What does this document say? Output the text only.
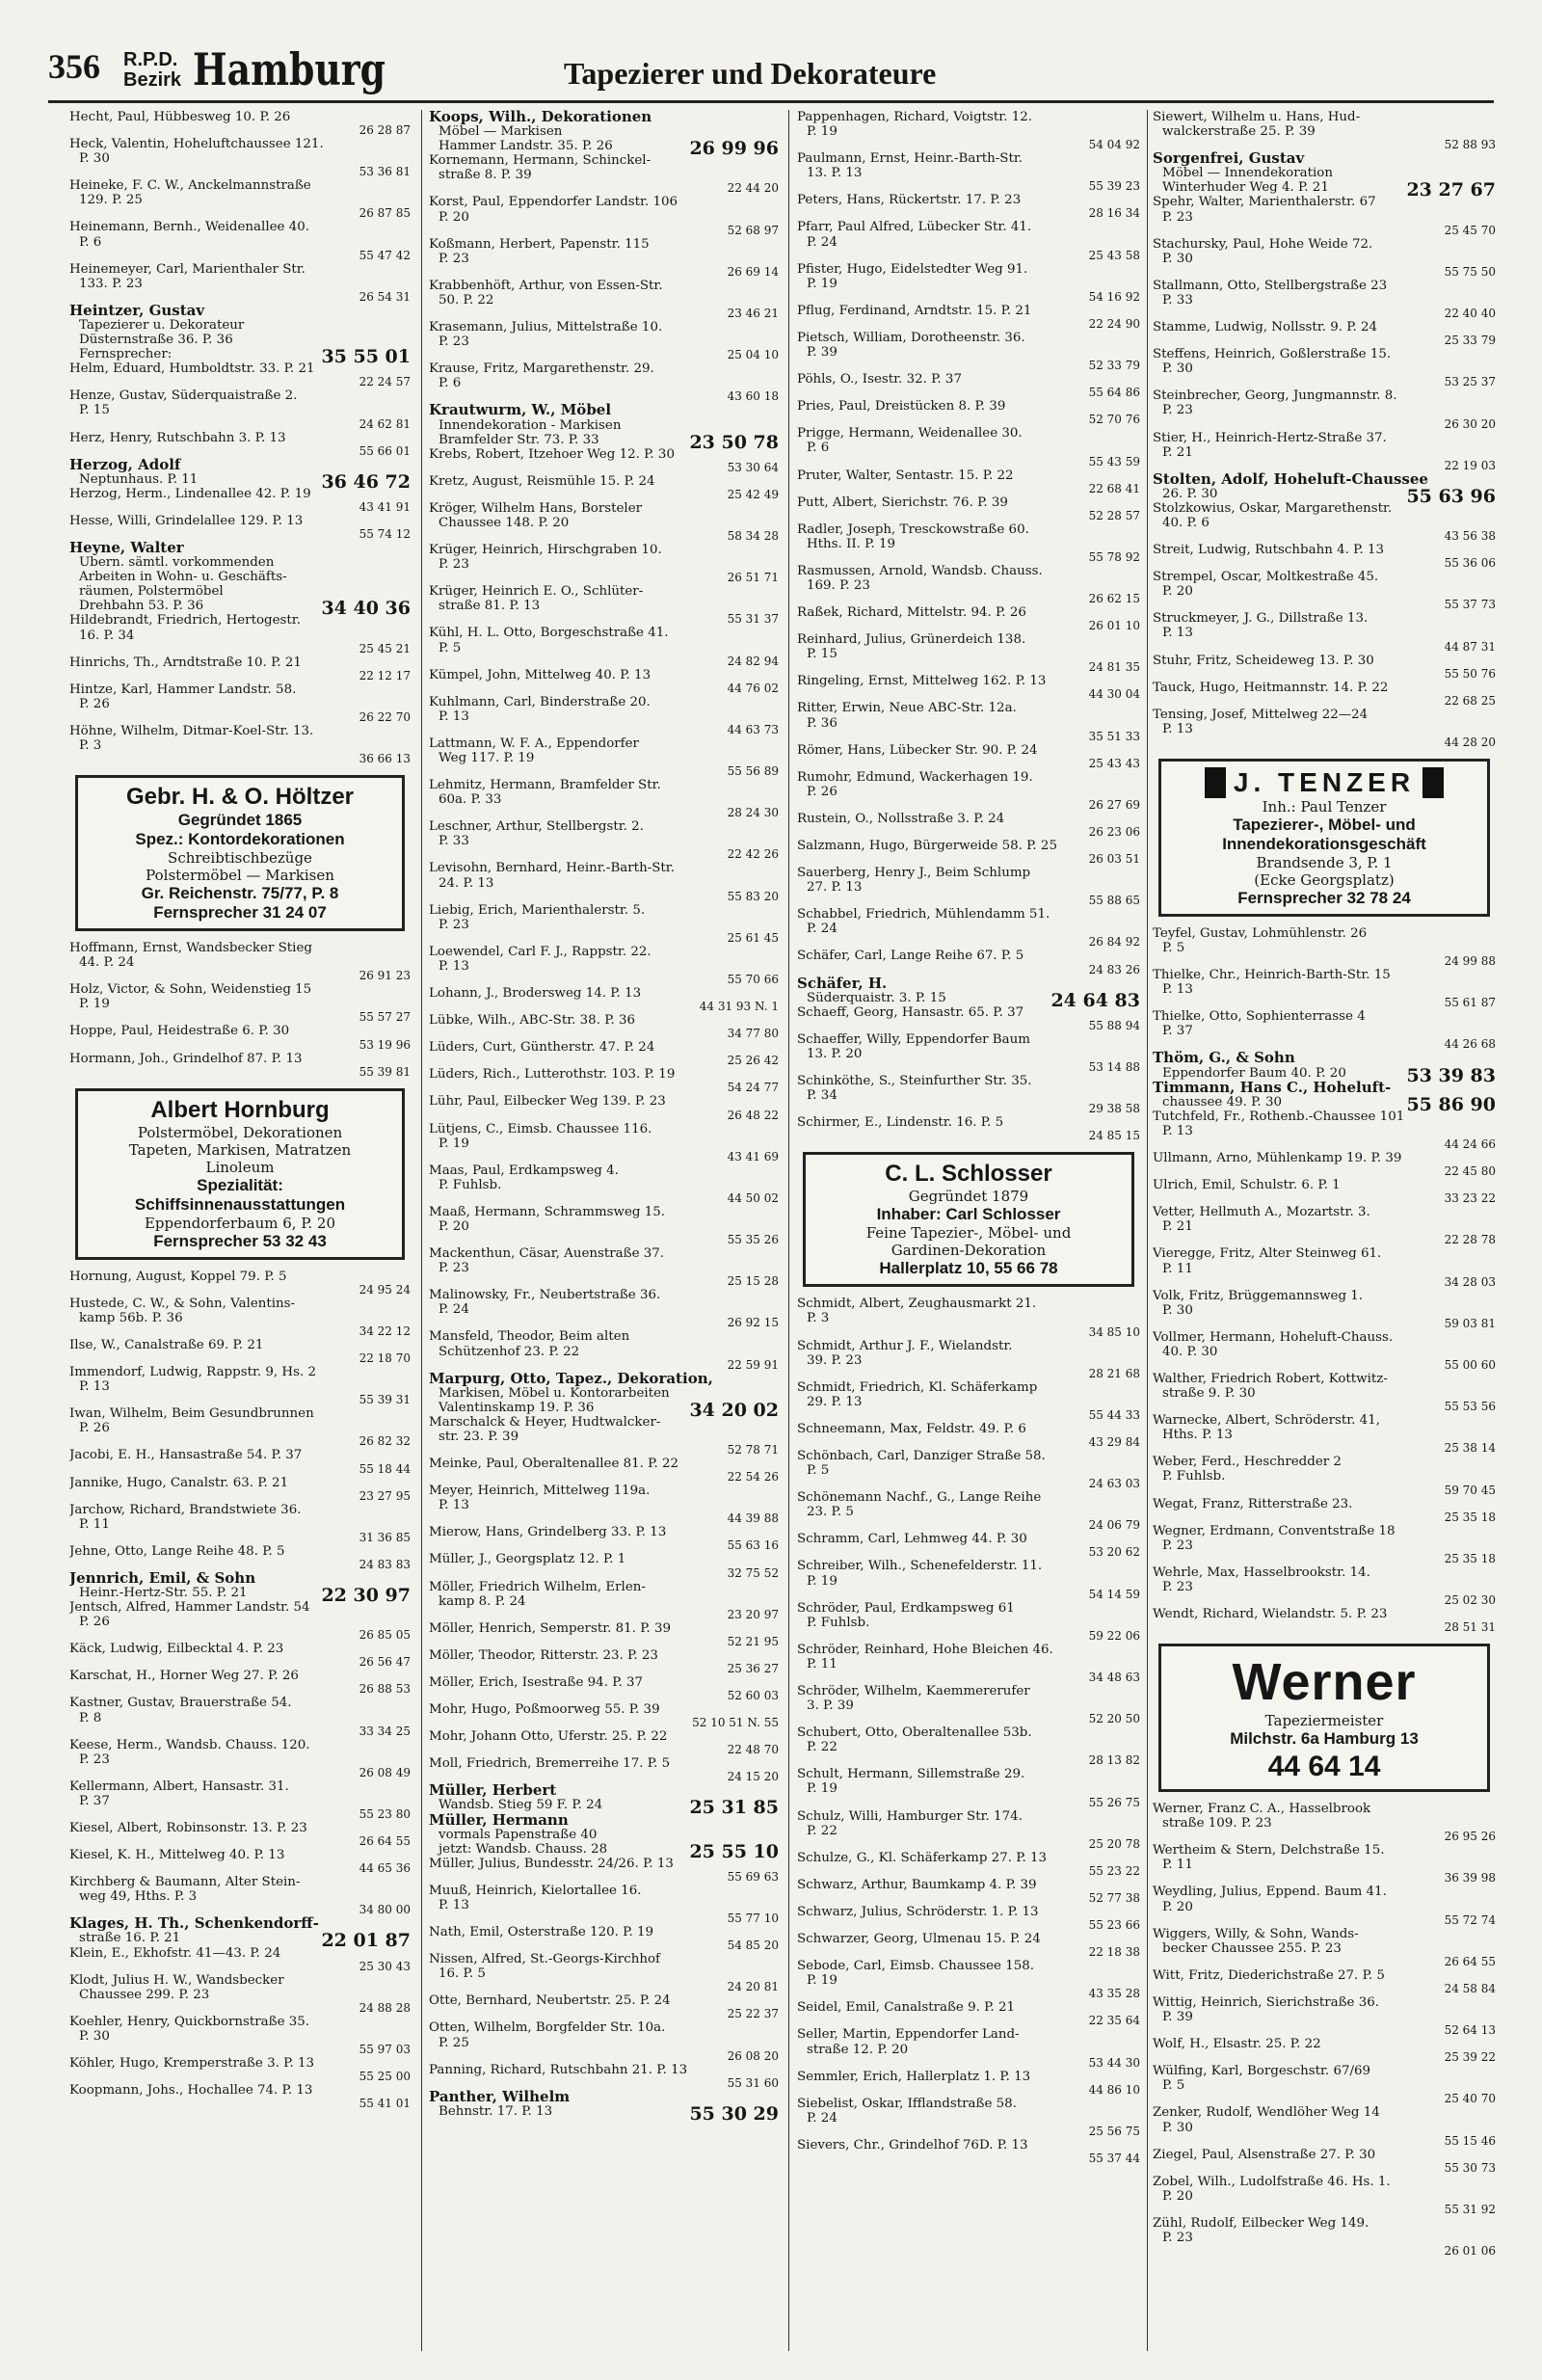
356 R.P.D.
Bezirk Hamburg	Tapezierer und Dekorateure
Hecht, Paul, Hübbesweg 10. P. 26
26 28 87
Heck, Valentin, Hoheluftchaussee 121.
P. 30
53 36 81
Heineke, F. C. W., Anckelmannstraße
129. P. 25
26 87 85
Heinemann, Bernh., Weidenallee 40.
P. 6
55 47 42
Heinemeyer, Carl, Marienthaler Str.
133. P. 23
26 54 31
Heintzer, Gustav
Tapezierer u. Dekorateur
Düsternstraße 36. P. 36
35 55 01
Fernsprecher:
Helm, Eduard, Humboldtstr. 33. P. 21
22 24 57
Henze, Gustav, Süderquaistraße 2.
P. 15
24 62 81
Herz, Henry, Rutschbahn 3. P. 13
55 66 01
Herzog, Adolf
36 46 72
Neptunhaus. P. 11
Herzog, Herm., Lindenallee 42. P. 19
43 41 91
Hesse, Willi, Grindelallee 129. P. 13
55 74 12
Heyne, Walter
Ubern. sämtl. vorkommenden
Arbeiten in Wohn- u. Geschäfts-
räumen, Polstermöbel
34 40 36
Drehbahn 53. P. 36
Hildebrandt, Friedrich, Hertogestr.
16. P. 34
25 45 21
Hinrichs, Th., Arndtstraße 10. P. 21
22 12 17
Hintze, Karl, Hammer Landstr. 58.
P. 26
26 22 70
Höhne, Wilhelm, Ditmar-Koel-Str. 13.
P. 3
36 66 13

Gebr. H. & O. Höltzer

Gegründet 1865

Spez.: Kontordekorationen

Schreibtischbezüge

Polstermöbel — Markisen

Gr. Reichenstr. 75/77, P. 8

Fernsprecher 31 24 07

Hoffmann, Ernst, Wandsbecker Stieg
44. P. 24
26 91 23
Holz, Victor, & Sohn, Weidenstieg 15
P. 19
55 57 27
Hoppe, Paul, Heidestraße 6. P. 30
53 19 96
Hormann, Joh., Grindelhof 87. P. 13
55 39 81

Albert Hornburg

Polstermöbel, Dekorationen

Tapeten, Markisen, Matratzen

Linoleum

Spezialität:

Schiffsinnenausstattungen

Eppendorferbaum 6, P. 20

Fernsprecher 53 32 43

Hornung, August, Koppel 79. P. 5
24 95 24
Hustede, C. W., & Sohn, Valentins-
kamp 56b. P. 36
34 22 12
Ilse, W., Canalstraße 69. P. 21
22 18 70
Immendorf, Ludwig, Rappstr. 9, Hs. 2
P. 13
55 39 31
Iwan, Wilhelm, Beim Gesundbrunnen
P. 26
26 82 32
Jacobi, E. H., Hansastraße 54. P. 37
55 18 44
Jannike, Hugo, Canalstr. 63. P. 21
23 27 95
Jarchow, Richard, Brandstwiete 36.
P. 11
31 36 85
Jehne, Otto, Lange Reihe 48. P. 5
24 83 83
Jennrich, Emil, & Sohn
22 30 97
Heinr.-Hertz-Str. 55. P. 21
Jentsch, Alfred, Hammer Landstr. 54
P. 26
26 85 05
Käck, Ludwig, Eilbecktal 4. P. 23
26 56 47
Karschat, H., Horner Weg 27. P. 26
26 88 53
Kastner, Gustav, Brauerstraße 54.
P. 8
33 34 25
Keese, Herm., Wandsb. Chauss. 120.
P. 23
26 08 49
Kellermann, Albert, Hansastr. 31.
P. 37
55 23 80
Kiesel, Albert, Robinsonstr. 13. P. 23
26 64 55
Kiesel, K. H., Mittelweg 40. P. 13
44 65 36
Kirchberg & Baumann, Alter Stein-
weg 49, Hths. P. 3
34 80 00
Klages, H. Th., Schenkendorff-
22 01 87
straße 16. P. 21
Klein, E., Ekhofstr. 41—43. P. 24
25 30 43
Klodt, Julius H. W., Wandsbecker
Chaussee 299. P. 23
24 88 28
Koehler, Henry, Quickbornstraße 35.
P. 30
55 97 03
Köhler, Hugo, Kremperstraße 3. P. 13
55 25 00
Koopmann, Johs., Hochallee 74. P. 13
55 41 01
Koops, Wilh., Dekorationen
Möbel — Markisen
26 99 96
Hammer Landstr. 35. P. 26
Kornemann, Hermann, Schinckel-
straße 8. P. 39
22 44 20
Korst, Paul, Eppendorfer Landstr. 106
P. 20
52 68 97
Koßmann, Herbert, Papenstr. 115
P. 23
26 69 14
Krabbenhöft, Arthur, von Essen-Str.
50. P. 22
23 46 21
Krasemann, Julius, Mittelstraße 10.
P. 23
25 04 10
Krause, Fritz, Margarethenstr. 29.
P. 6
43 60 18
Krautwurm, W., Möbel
Innendekoration - Markisen
23 50 78
Bramfelder Str. 73. P. 33
Krebs, Robert, Itzehoer Weg 12. P. 30
53 30 64
Kretz, August, Reismühle 15. P. 24
25 42 49
Kröger, Wilhelm Hans, Borsteler
Chaussee 148. P. 20
58 34 28
Krüger, Heinrich, Hirschgraben 10.
P. 23
26 51 71
Krüger, Heinrich E. O., Schlüter-
straße 81. P. 13
55 31 37
Kühl, H. L. Otto, Borgeschstraße 41.
P. 5
24 82 94
Kümpel, John, Mittelweg 40. P. 13
44 76 02
Kuhlmann, Carl, Binderstraße 20.
P. 13
44 63 73
Lattmann, W. F. A., Eppendorfer
Weg 117. P. 19
55 56 89
Lehmitz, Hermann, Bramfelder Str.
60a. P. 33
28 24 30
Leschner, Arthur, Stellbergstr. 2.
P. 33
22 42 26
Levisohn, Bernhard, Heinr.-Barth-Str.
24. P. 13
55 83 20
Liebig, Erich, Marienthalerstr. 5.
P. 23
25 61 45
Loewendel, Carl F. J., Rappstr. 22.
P. 13
55 70 66
Lohann, J., Brodersweg 14. P. 13
44 31 93 N. 1
Lübke, Wilh., ABC-Str. 38. P. 36
34 77 80
Lüders, Curt, Güntherstr. 47. P. 24
25 26 42
Lüders, Rich., Lutterothstr. 103. P. 19
54 24 77
Lühr, Paul, Eilbecker Weg 139. P. 23
26 48 22
Lütjens, C., Eimsb. Chaussee 116.
P. 19
43 41 69
Maas, Paul, Erdkampsweg 4.
P. Fuhlsb.
44 50 02
Maaß, Hermann, Schrammsweg 15.
P. 20
55 35 26
Mackenthun, Cäsar, Auenstraße 37.
P. 23
25 15 28
Malinowsky, Fr., Neubertstraße 36.
P. 24
26 92 15
Mansfeld, Theodor, Beim alten
Schützenhof 23. P. 22
22 59 91
Marpurg, Otto, Tapez., Dekoration,
Markisen, Möbel u. Kontorarbeiten
34 20 02
Valentinskamp 19. P. 36
Marschalck & Heyer, Hudtwalcker-
str. 23. P. 39
52 78 71
Meinke, Paul, Oberaltenallee 81. P. 22
22 54 26
Meyer, Heinrich, Mittelweg 119a.
P. 13
44 39 88
Mierow, Hans, Grindelberg 33. P. 13
55 63 16
Müller, J., Georgsplatz 12. P. 1
32 75 52
Möller, Friedrich Wilhelm, Erlen-
kamp 8. P. 24
23 20 97
Möller, Henrich, Semperstr. 81. P. 39
52 21 95
Möller, Theodor, Ritterstr. 23. P. 23
25 36 27
Möller, Erich, Isestraße 94. P. 37
52 60 03
Mohr, Hugo, Poßmoorweg 55. P. 39
52 10 51 N. 55
Mohr, Johann Otto, Uferstr. 25. P. 22
22 48 70
Moll, Friedrich, Bremerreihe 17. P. 5
24 15 20
Müller, Herbert
25 31 85
Wandsb. Stieg 59 F. P. 24
Müller, Hermann
vormals Papenstraße 40
25 55 10
jetzt: Wandsb. Chauss. 28
Müller, Julius, Bundesstr. 24/26. P. 13
55 69 63
Muuß, Heinrich, Kielortallee 16.
P. 13
55 77 10
Nath, Emil, Osterstraße 120. P. 19
54 85 20
Nissen, Alfred, St.-Georgs-Kirchhof
16. P. 5
24 20 81
Otte, Bernhard, Neubertstr. 25. P. 24
25 22 37
Otten, Wilhelm, Borgfelder Str. 10a.
P. 25
26 08 20
Panning, Richard, Rutschbahn 21. P. 13
55 31 60
Panther, Wilhelm
55 30 29
Behnstr. 17. P. 13
Pappenhagen, Richard, Voigtstr. 12.
P. 19
54 04 92
Paulmann, Ernst, Heinr.-Barth-Str.
13. P. 13
55 39 23
Peters, Hans, Rückertstr. 17. P. 23
28 16 34
Pfarr, Paul Alfred, Lübecker Str. 41.
P. 24
25 43 58
Pfister, Hugo, Eidelstedter Weg 91.
P. 19
54 16 92
Pflug, Ferdinand, Arndtstr. 15. P. 21
22 24 90
Pietsch, William, Dorotheenstr. 36.
P. 39
52 33 79
Pöhls, O., Isestr. 32. P. 37
55 64 86
Pries, Paul, Dreistücken 8. P. 39
52 70 76
Prigge, Hermann, Weidenallee 30.
P. 6
55 43 59
Pruter, Walter, Sentastr. 15. P. 22
22 68 41
Putt, Albert, Sierichstr. 76. P. 39
52 28 57
Radler, Joseph, Tresckowstraße 60.
Hths. II. P. 19
55 78 92
Rasmussen, Arnold, Wandsb. Chauss.
169. P. 23
26 62 15
Raßek, Richard, Mittelstr. 94. P. 26
26 01 10
Reinhard, Julius, Grünerdeich 138.
P. 15
24 81 35
Ringeling, Ernst, Mittelweg 162. P. 13
44 30 04
Ritter, Erwin, Neue ABC-Str. 12a.
P. 36
35 51 33
Römer, Hans, Lübecker Str. 90. P. 24
25 43 43
Rumohr, Edmund, Wackerhagen 19.
P. 26
26 27 69
Rustein, O., Nollsstraße 3. P. 24
26 23 06
Salzmann, Hugo, Bürgerweide 58. P. 25
26 03 51
Sauerberg, Henry J., Beim Schlump
27. P. 13
55 88 65
Schabbel, Friedrich, Mühlendamm 51.
P. 24
26 84 92
Schäfer, Carl, Lange Reihe 67. P. 5
24 83 26
Schäfer, H.
24 64 83
Süderquaistr. 3. P. 15
Schaeff, Georg, Hansastr. 65. P. 37
55 88 94
Schaeffer, Willy, Eppendorfer Baum
13. P. 20
53 14 88
Schinköthe, S., Steinfurther Str. 35.
P. 34
29 38 58
Schirmer, E., Lindenstr. 16. P. 5
24 85 15

C. L. Schlosser

Gegründet 1879

Inhaber: Carl Schlosser

Feine Tapezier-, Möbel- und

Gardinen-Dekoration

Hallerplatz 10, 55 66 78

Schmidt, Albert, Zeughausmarkt 21.
P. 3
34 85 10
Schmidt, Arthur J. F., Wielandstr.
39. P. 23
28 21 68
Schmidt, Friedrich, Kl. Schäferkamp
29. P. 13
55 44 33
Schneemann, Max, Feldstr. 49. P. 6
43 29 84
Schönbach, Carl, Danziger Straße 58.
P. 5
24 63 03
Schönemann Nachf., G., Lange Reihe
23. P. 5
24 06 79
Schramm, Carl, Lehmweg 44. P. 30
53 20 62
Schreiber, Wilh., Schenefelderstr. 11.
P. 19
54 14 59
Schröder, Paul, Erdkampsweg 61
P. Fuhlsb.
59 22 06
Schröder, Reinhard, Hohe Bleichen 46.
P. 11
34 48 63
Schröder, Wilhelm, Kaemmererufer
3. P. 39
52 20 50
Schubert, Otto, Oberaltenallee 53b.
P. 22
28 13 82
Schult, Hermann, Sillemstraße 29.
P. 19
55 26 75
Schulz, Willi, Hamburger Str. 174.
P. 22
25 20 78
Schulze, G., Kl. Schäferkamp 27. P. 13
55 23 22
Schwarz, Arthur, Baumkamp 4. P. 39
52 77 38
Schwarz, Julius, Schröderstr. 1. P. 13
55 23 66
Schwarzer, Georg, Ulmenau 15. P. 24
22 18 38
Sebode, Carl, Eimsb. Chaussee 158.
P. 19
43 35 28
Seidel, Emil, Canalstraße 9. P. 21
22 35 64
Seller, Martin, Eppendorfer Land-
straße 12. P. 20
53 44 30
Semmler, Erich, Hallerplatz 1. P. 13
44 86 10
Siebelist, Oskar, Ifflandstraße 58.
P. 24
25 56 75
Sievers, Chr., Grindelhof 76D. P. 13
55 37 44
Siewert, Wilhelm u. Hans, Hud-
walckerstraße 25. P. 39
52 88 93
Sorgenfrei, Gustav
Möbel — Innendekoration
23 27 67
Winterhuder Weg 4. P. 21
Spehr, Walter, Marienthalerstr. 67
P. 23
25 45 70
Stachursky, Paul, Hohe Weide 72.
P. 30
55 75 50
Stallmann, Otto, Stellbergstraße 23
P. 33
22 40 40
Stamme, Ludwig, Nollsstr. 9. P. 24
25 33 79
Steffens, Heinrich, Goßlerstraße 15.
P. 30
53 25 37
Steinbrecher, Georg, Jungmannstr. 8.
P. 23
26 30 20
Stier, H., Heinrich-Hertz-Straße 37.
P. 21
22 19 03
Stolten, Adolf, Hoheluft-Chaussee
55 63 96
26. P. 30
Stolzkowius, Oskar, Margarethenstr.
40. P. 6
43 56 38
Streit, Ludwig, Rutschbahn 4. P. 13
55 36 06
Strempel, Oscar, Moltkestraße 45.
P. 20
55 37 73
Struckmeyer, J. G., Dillstraße 13.
P. 13
44 87 31
Stuhr, Fritz, Scheideweg 13. P. 30
55 50 76
Tauck, Hugo, Heitmannstr. 14. P. 22
22 68 25
Tensing, Josef, Mittelweg 22—24
P. 13
44 28 20

J. TENZER

Inh.: Paul Tenzer

Tapezierer-, Möbel- und

Innendekorationsgeschäft

Brandsende 3, P. 1

(Ecke Georgsplatz)

Fernsprecher 32 78 24

Teyfel, Gustav, Lohmühlenstr. 26
P. 5
24 99 88
Thielke, Chr., Heinrich-Barth-Str. 15
P. 13
55 61 87
Thielke, Otto, Sophienterrasse 4
P. 37
44 26 68
Thöm, G., & Sohn
53 39 83
Eppendorfer Baum 40. P. 20
Timmann, Hans C., Hoheluft-
55 86 90
chaussee 49. P. 30
Tutchfeld, Fr., Rothenb.-Chaussee 101
P. 13
44 24 66
Ullmann, Arno, Mühlenkamp 19. P. 39
22 45 80
Ulrich, Emil, Schulstr. 6. P. 1
33 23 22
Vetter, Hellmuth A., Mozartstr. 3.
P. 21
22 28 78
Vieregge, Fritz, Alter Steinweg 61.
P. 11
34 28 03
Volk, Fritz, Brüggemannsweg 1.
P. 30
59 03 81
Vollmer, Hermann, Hoheluft-Chauss.
40. P. 30
55 00 60
Walther, Friedrich Robert, Kottwitz-
straße 9. P. 30
55 53 56
Warnecke, Albert, Schröderstr. 41,
Hths. P. 13
25 38 14
Weber, Ferd., Heschredder 2
P. Fuhlsb.
59 70 45
Wegat, Franz, Ritterstraße 23.
25 35 18
Wegner, Erdmann, Conventstraße 18
P. 23
25 35 18
Wehrle, Max, Hasselbrookstr. 14.
P. 23
25 02 30
Wendt, Richard, Wielandstr. 5. P. 23
28 51 31

Werner

Tapeziermeister

Milchstr. 6a Hamburg 13

44 64 14

Werner, Franz C. A., Hasselbrook
straße 109. P. 23
26 95 26
Wertheim & Stern, Delchstraße 15.
P. 11
36 39 98
Weydling, Julius, Eppend. Baum 41.
P. 20
55 72 74
Wiggers, Willy, & Sohn, Wands-
becker Chaussee 255. P. 23
26 64 55
Witt, Fritz, Diederichstraße 27. P. 5
24 58 84
Wittig, Heinrich, Sierichstraße 36.
P. 39
52 64 13
Wolf, H., Elsastr. 25. P. 22
25 39 22
Wülfing, Karl, Borgeschstr. 67/69
P. 5
25 40 70
Zenker, Rudolf, Wendlöher Weg 14
P. 30
55 15 46
Ziegel, Paul, Alsenstraße 27. P. 30
55 30 73
Zobel, Wilh., Ludolfstraße 46. Hs. 1.
P. 20
55 31 92
Zühl, Rudolf, Eilbecker Weg 149.
P. 23
26 01 06
